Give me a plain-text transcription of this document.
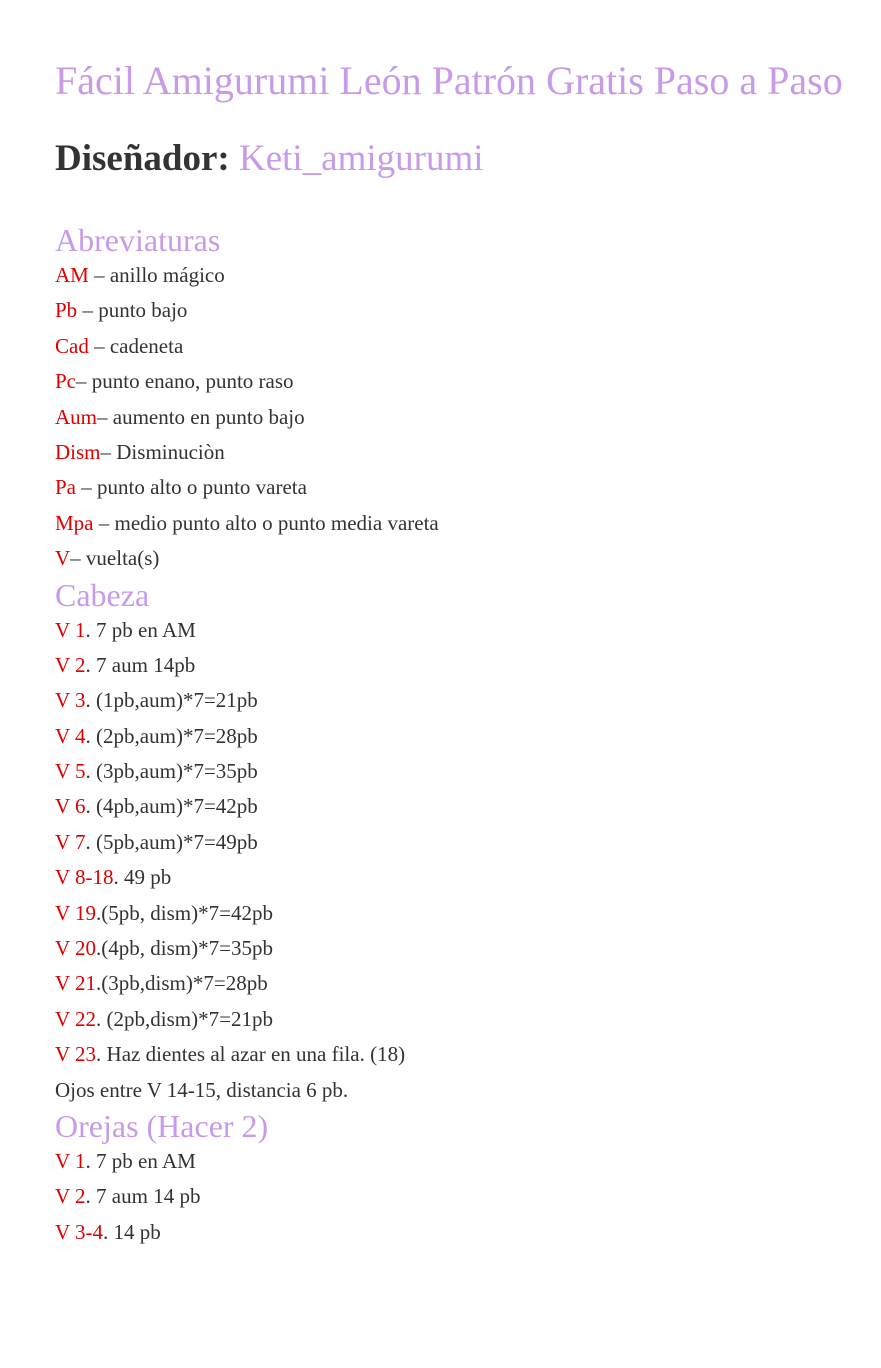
Fácil Amigurumi León Patrón Gratis Paso a Paso
Diseñador: Keti_amigurumi
Abreviaturas
AM – anillo mágico
Pb – punto bajo
Cad – cadeneta
Pc– punto enano, punto raso
Aum– aumento en punto bajo
Dism– Disminuciòn
Pa – punto alto o punto vareta
Mpa – medio punto alto o punto media vareta
V– vuelta(s)
Cabeza
V 1. 7 pb en AM
V 2. 7 aum 14pb
V 3. (1pb,aum)*7=21pb
V 4. (2pb,aum)*7=28pb
V 5. (3pb,aum)*7=35pb
V 6. (4pb,aum)*7=42pb
V 7. (5pb,aum)*7=49pb
V 8-18. 49 pb
V 19.(5pb, dism)*7=42pb
V 20.(4pb, dism)*7=35pb
V 21.(3pb,dism)*7=28pb
V 22. (2pb,dism)*7=21pb
V 23. Haz dientes al azar en una fila. (18)
Ojos entre V 14-15, distancia 6 pb.
Orejas (Hacer 2)
V 1. 7 pb en AM
V 2. 7 aum 14 pb
V 3-4. 14 pb
